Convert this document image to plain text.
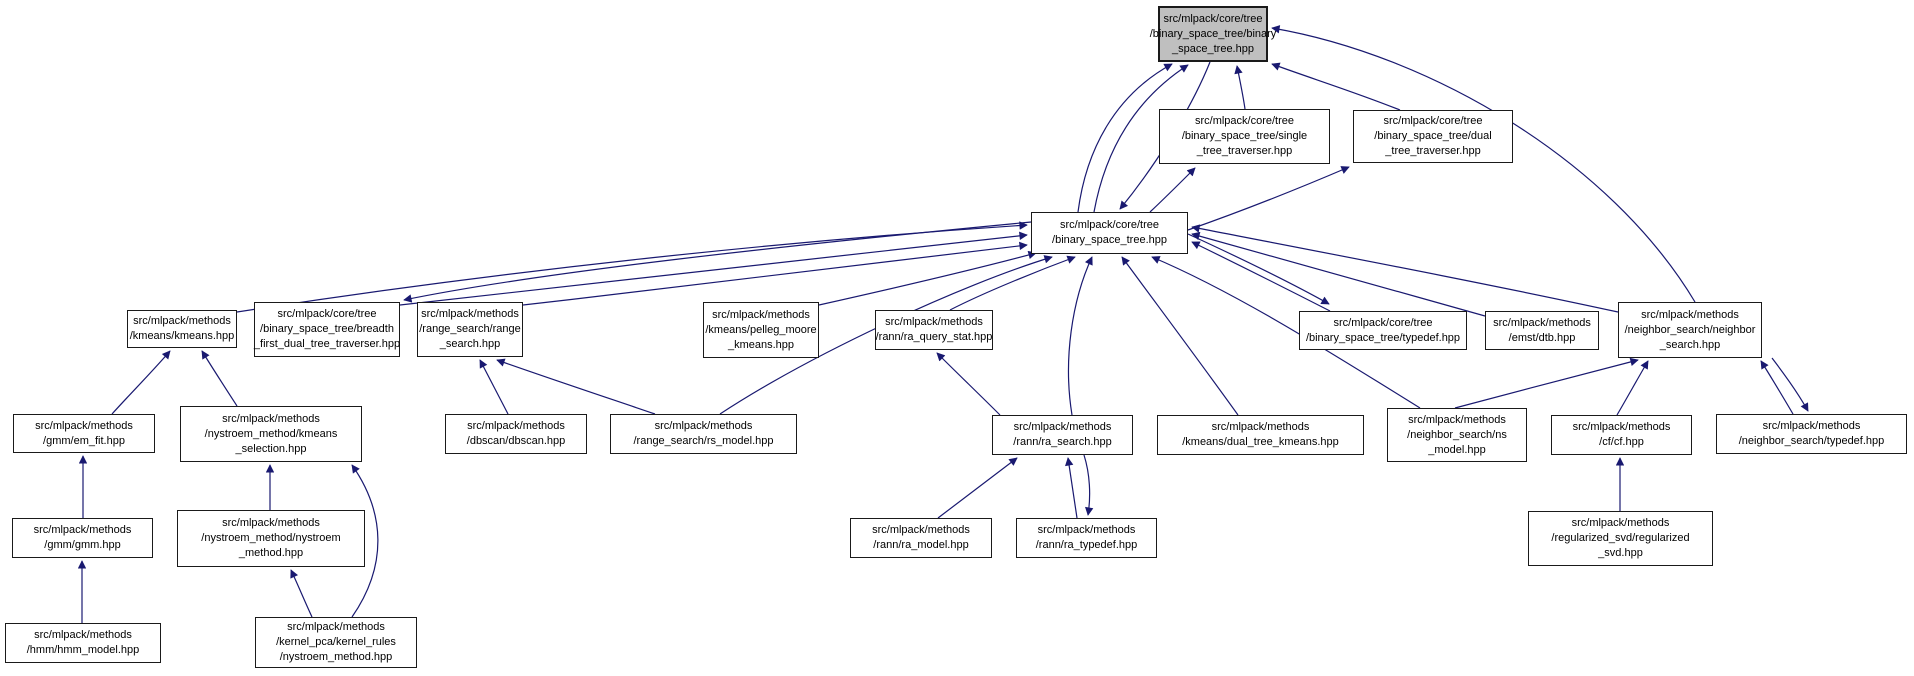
src/mlpack/core/tree
/binary_space_tree/binary
_space_tree.hpp
src/mlpack/core/tree
/binary_space_tree/single
_tree_traverser.hpp
src/mlpack/core/tree
/binary_space_tree/dual
_tree_traverser.hpp
src/mlpack/core/tree
/binary_space_tree.hpp
src/mlpack/methods
/kmeans/kmeans.hpp
src/mlpack/core/tree
/binary_space_tree/breadth
_first_dual_tree_traverser.hpp
src/mlpack/methods
/range_search/range
_search.hpp
src/mlpack/methods
/kmeans/pelleg_moore
_kmeans.hpp
src/mlpack/methods
/rann/ra_query_stat.hpp
src/mlpack/core/tree
/binary_space_tree/typedef.hpp
src/mlpack/methods
/emst/dtb.hpp
src/mlpack/methods
/neighbor_search/neighbor
_search.hpp
src/mlpack/methods
/gmm/em_fit.hpp
src/mlpack/methods
/nystroem_method/kmeans
_selection.hpp
src/mlpack/methods
/dbscan/dbscan.hpp
src/mlpack/methods
/range_search/rs_model.hpp
src/mlpack/methods
/rann/ra_search.hpp
src/mlpack/methods
/kmeans/dual_tree_kmeans.hpp
src/mlpack/methods
/neighbor_search/ns
_model.hpp
src/mlpack/methods
/cf/cf.hpp
src/mlpack/methods
/neighbor_search/typedef.hpp
src/mlpack/methods
/gmm/gmm.hpp
src/mlpack/methods
/nystroem_method/nystroem
_method.hpp
src/mlpack/methods
/rann/ra_model.hpp
src/mlpack/methods
/rann/ra_typedef.hpp
src/mlpack/methods
/regularized_svd/regularized
_svd.hpp
src/mlpack/methods
/hmm/hmm_model.hpp
src/mlpack/methods
/kernel_pca/kernel_rules
/nystroem_method.hpp
